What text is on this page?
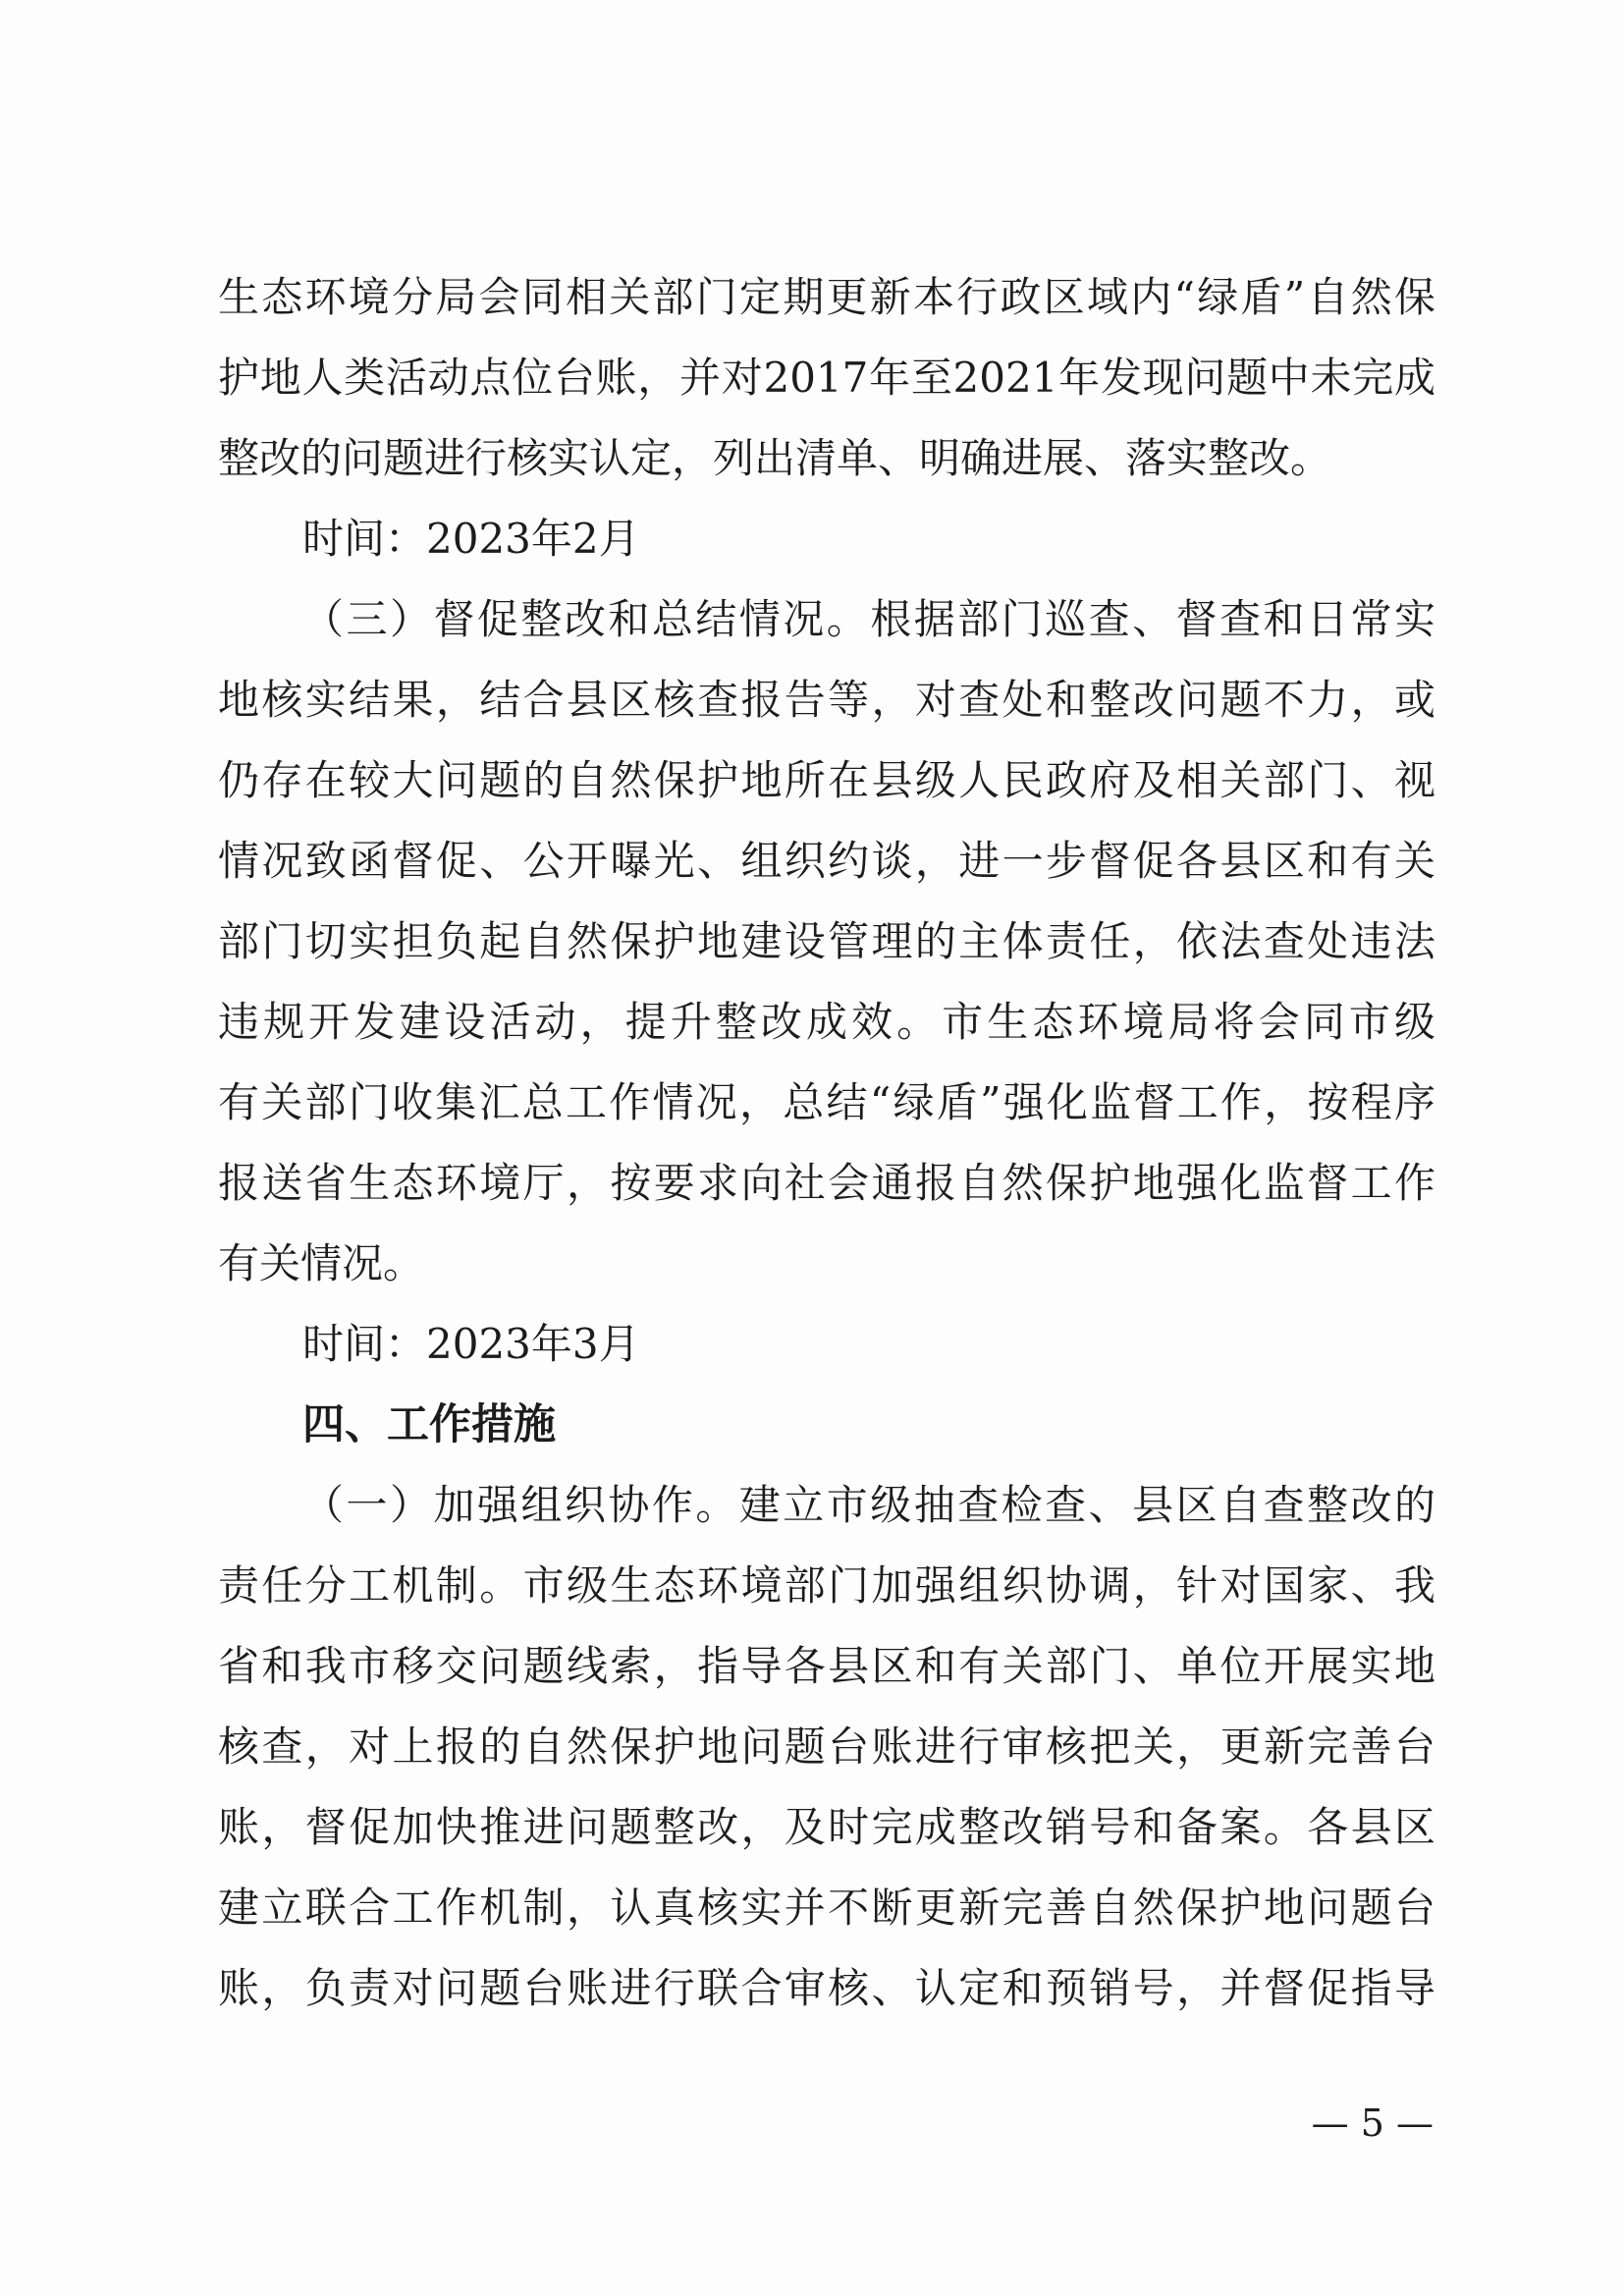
生态环境分局会同相关部门定期更新本行政区域内“绿盾”自然保
护地人类活动点位台账，并对2017年至2021年发现问题中未完成
整改的问题进行核实认定，列出清单、明确进展、落实整改。
时间：2023年2月
（三）督促整改和总结情况。根据部门巡查、督查和日常实
地核实结果，结合县区核查报告等，对查处和整改问题不力，或
仍存在较大问题的自然保护地所在县级人民政府及相关部门、视
情况致函督促、公开曝光、组织约谈，进一步督促各县区和有关
部门切实担负起自然保护地建设管理的主体责任，依法查处违法
违规开发建设活动，提升整改成效。市生态环境局将会同市级
有关部门收集汇总工作情况，总结“绿盾”强化监督工作，按程序
报送省生态环境厅，按要求向社会通报自然保护地强化监督工作
有关情况。
时间：2023年3月
四、工作措施
（一）加强组织协作。建立市级抽查检查、县区自查整改的
责任分工机制。市级生态环境部门加强组织协调，针对国家、我
省和我市移交问题线索，指导各县区和有关部门、单位开展实地
核查，对上报的自然保护地问题台账进行审核把关，更新完善台
账，督促加快推进问题整改，及时完成整改销号和备案。各县区
建立联合工作机制，认真核实并不断更新完善自然保护地问题台
账，负责对问题台账进行联合审核、认定和预销号，并督促指导
— 5 —
